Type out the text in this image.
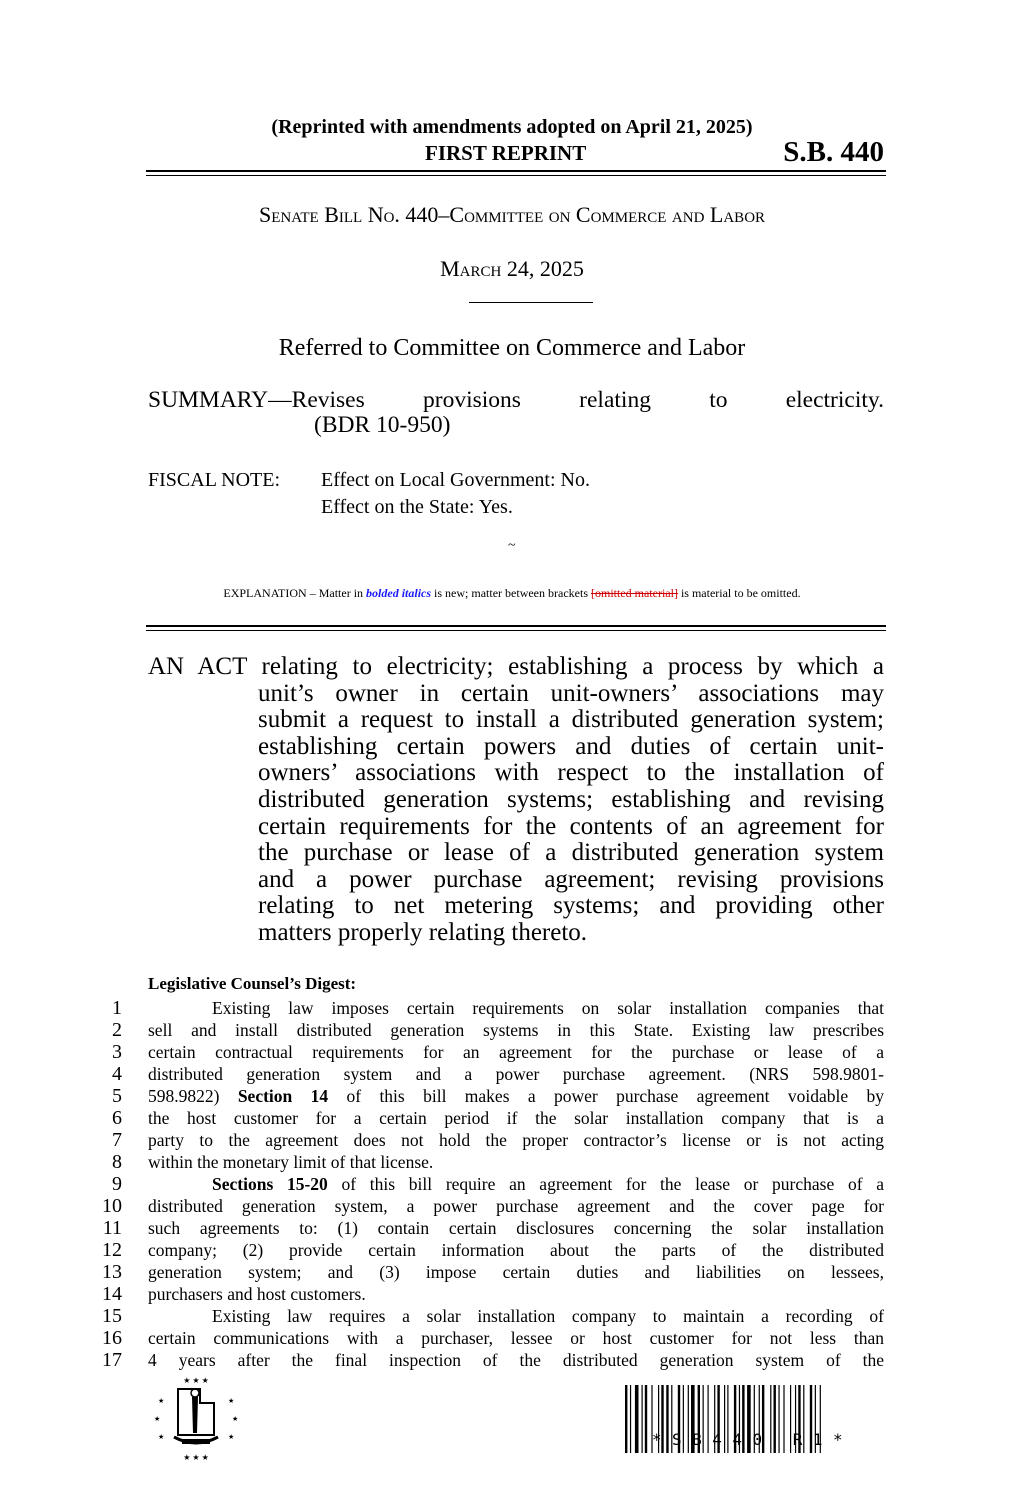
(Reprinted with amendments adopted on April 21, 2025)
FIRST REPRINT	S.B. 440
Senate Bill No. 440–Committee on Commerce and Labor
March 24, 2025
Referred to Committee on Commerce and Labor
SUMMARY—Revises provisions relating to electricity.
(BDR 10-950)
FISCAL NOTE: Effect on Local Government: No.
Effect on the State: Yes.
~
EXPLANATION – Matter in bolded italics is new; matter between brackets [omitted material] is material to be omitted.

AN ACT relating to electricity; establishing a process by which a

unit’s owner in certain unit-owners’ associations may

submit a request to install a distributed generation system;

establishing certain powers and duties of certain unit-

owners’ associations with respect to the installation of

distributed generation systems; establishing and revising

certain requirements for the contents of an agreement for

the purchase or lease of a distributed generation system

and a power purchase agreement; revising provisions

relating to net metering systems; and providing other

matters properly relating thereto.

Legislative Counsel’s Digest:
1	Existing law imposes certain requirements on solar installation companies that
2 sell and install distributed generation systems in this State. Existing law prescribes
3 certain contractual requirements for an agreement for the purchase or lease of a
4 distributed generation system and a power purchase agreement. (NRS 598.9801-
5 598.9822) Section 14 of this bill makes a power purchase agreement voidable by
6 the host customer for a certain period if the solar installation company that is a
7 party to the agreement does not hold the proper contractor’s license or is not acting
8 within the monetary limit of that license.
9	Sections 15-20 of this bill require an agreement for the lease or purchase of a
10 distributed generation system, a power purchase agreement and the cover page for
11 such agreements to: (1) contain certain disclosures concerning the solar installation
12 company; (2) provide certain information about the parts of the distributed
13 generation system; and (3) impose certain duties and liabilities on lessees,
14 purchasers and host customers.
15	Existing law requires a solar installation company to maintain a recording of
16 certain communications with a purchaser, lessee or host customer for not less than
17 4 years after the final inspection of the distributed generation system of the
★ ★ ★
★	★
★	★
★	★
★ ★ ★
*SB440 R1*
